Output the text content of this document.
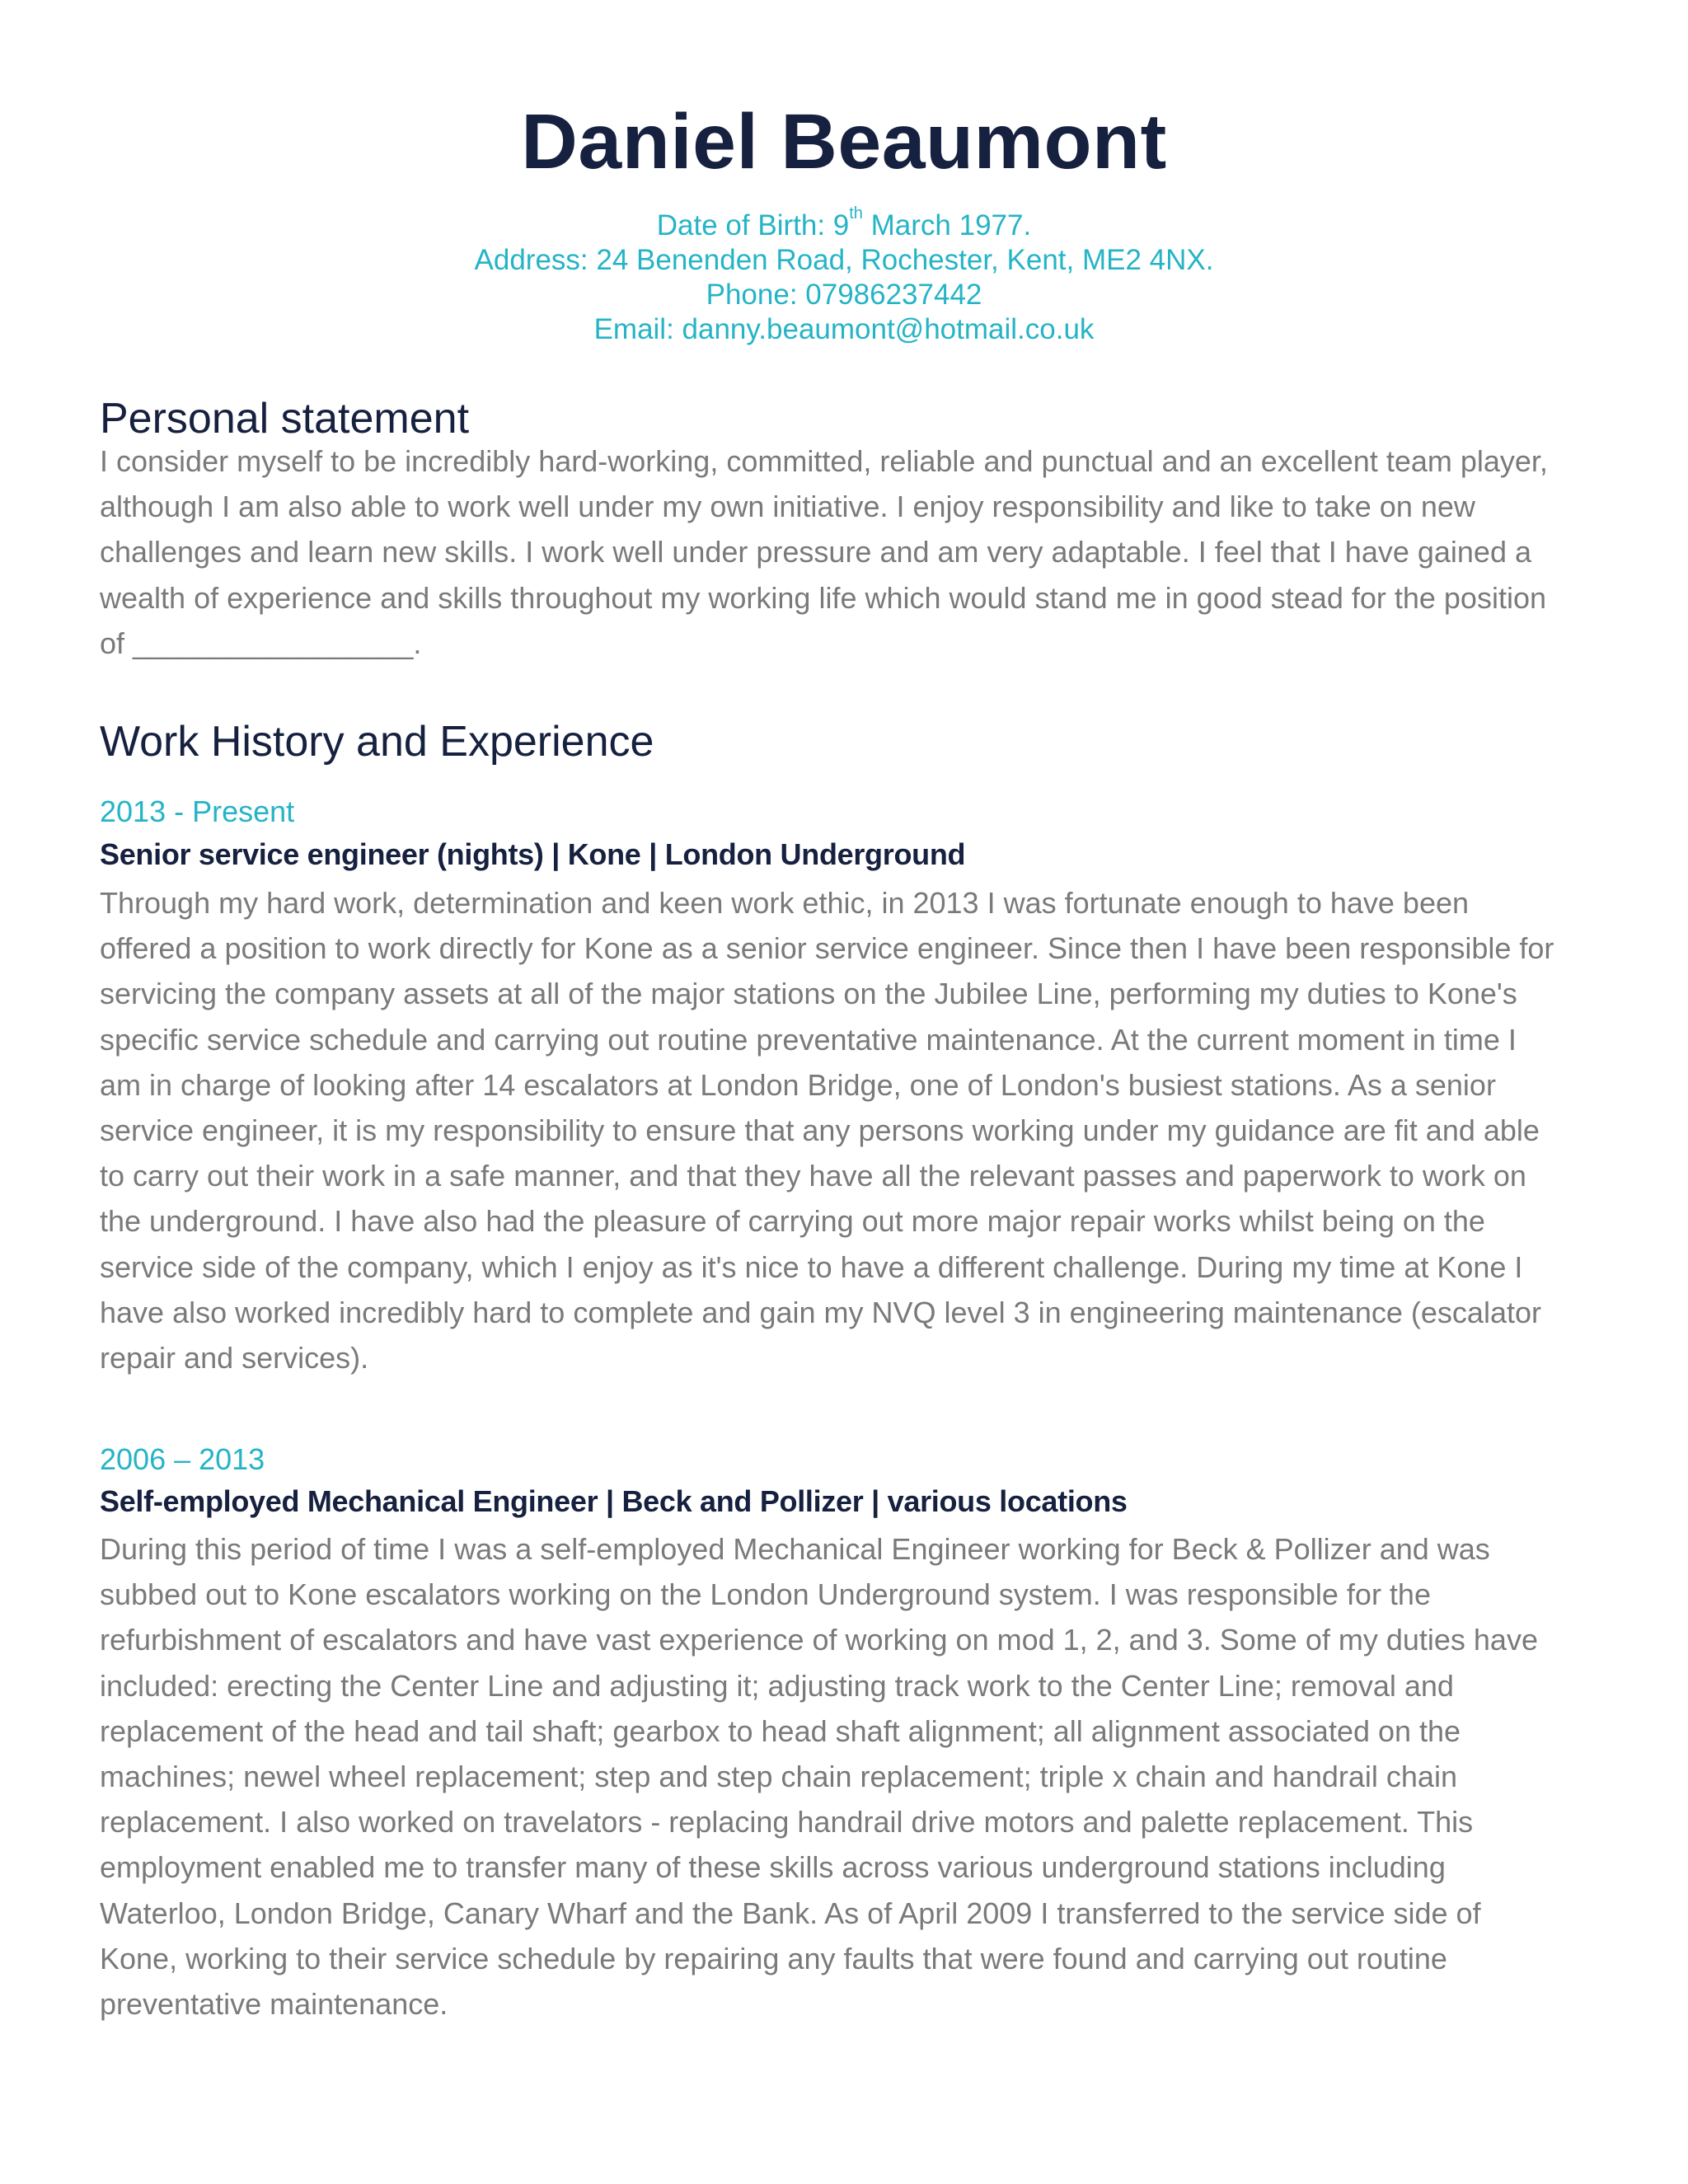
Daniel Beaumont
Date of Birth: 9th March 1977.
Address: 24 Benenden Road, Rochester, Kent, ME2 4NX.
Phone: 07986237442
Email: danny.beaumont@hotmail.co.uk
Personal statement
I consider myself to be incredibly hard-working, committed, reliable and punctual and an excellent team player,
although I am also able to work well under my own initiative. I enjoy responsibility and like to take on new
challenges and learn new skills. I work well under pressure and am very adaptable. I feel that I have gained a
wealth of experience and skills throughout my working life which would stand me in good stead for the position
of _________________.
Work History and Experience
2013 - Present
Senior service engineer (nights) | Kone | London Underground
Through my hard work, determination and keen work ethic, in 2013 I was fortunate enough to have been
offered a position to work directly for Kone as a senior service engineer. Since then I have been responsible for
servicing the company assets at all of the major stations on the Jubilee Line, performing my duties to Kone's
specific service schedule and carrying out routine preventative maintenance. At the current moment in time I
am in charge of looking after 14 escalators at London Bridge, one of London's busiest stations. As a senior
service engineer, it is my responsibility to ensure that any persons working under my guidance are fit and able
to carry out their work in a safe manner, and that they have all the relevant passes and paperwork to work on
the underground. I have also had the pleasure of carrying out more major repair works whilst being on the
service side of the company, which I enjoy as it's nice to have a different challenge. During my time at Kone I
have also worked incredibly hard to complete and gain my NVQ level 3 in engineering maintenance (escalator
repair and services).
2006 – 2013
Self-employed Mechanical Engineer | Beck and Pollizer | various locations
During this period of time I was a self-employed Mechanical Engineer working for Beck & Pollizer and was
subbed out to Kone escalators working on the London Underground system. I was responsible for the
refurbishment of escalators and have vast experience of working on mod 1, 2, and 3. Some of my duties have
included: erecting the Center Line and adjusting it; adjusting track work to the Center Line; removal and
replacement of the head and tail shaft; gearbox to head shaft alignment; all alignment associated on the
machines; newel wheel replacement; step and step chain replacement; triple x chain and handrail chain
replacement. I also worked on travelators - replacing handrail drive motors and palette replacement. This
employment enabled me to transfer many of these skills across various underground stations including
Waterloo, London Bridge, Canary Wharf and the Bank. As of April 2009 I transferred to the service side of
Kone, working to their service schedule by repairing any faults that were found and carrying out routine
preventative maintenance.
